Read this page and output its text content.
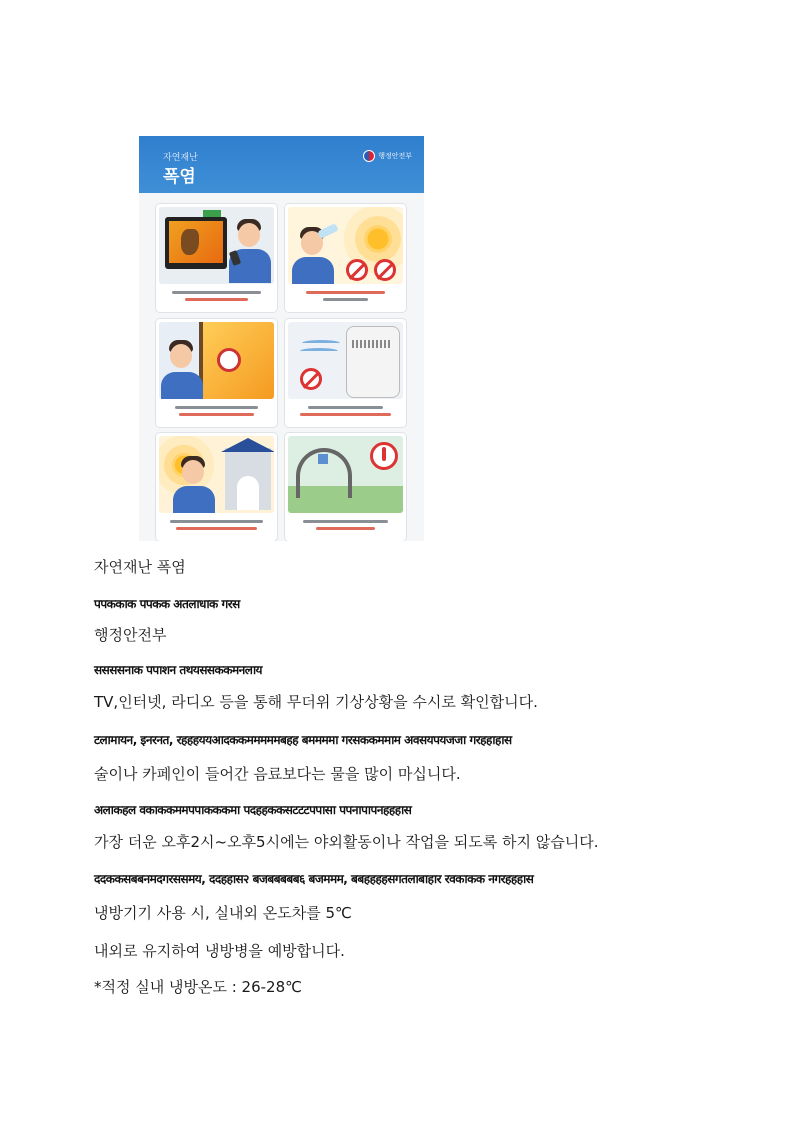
자연재난
폭염
행정안전부
자연재난 폭염
पपककाक पपकक अतलाधाक गरस
행정안전부
ससससनाक पपाशन तथयससककमनलाय
TV,인터넷, 라디오 등을 통해 무더위 기상상황을 수시로 확인합니다.
टलामायन, इनरनत, रहहहययआदककमममममबहह बममममा गरसककममाम अवसयपयजजा गरहहाहास
술이나 카페인이 들어간 음료보다는 물을 많이 마십니다.
अलाकहल वकाककममपपाकककमा पदहहककसटटटपपासा पपनापापनहहहास
가장 더운 오후2시~오후5시에는 야외활동이나 작업을 되도록 하지 않습니다.
ददककसबबनमदगरससमय, ददहहास२ बजबबबबब६ बजममम, बबहहहहसगतलाबाहार रवकाकक नगरहहहास
냉방기기 사용 시, 실내외 온도차를 5℃
내외로 유지하여 냉방병을 예방합니다.
*적정 실내 냉방온도 : 26-28℃
